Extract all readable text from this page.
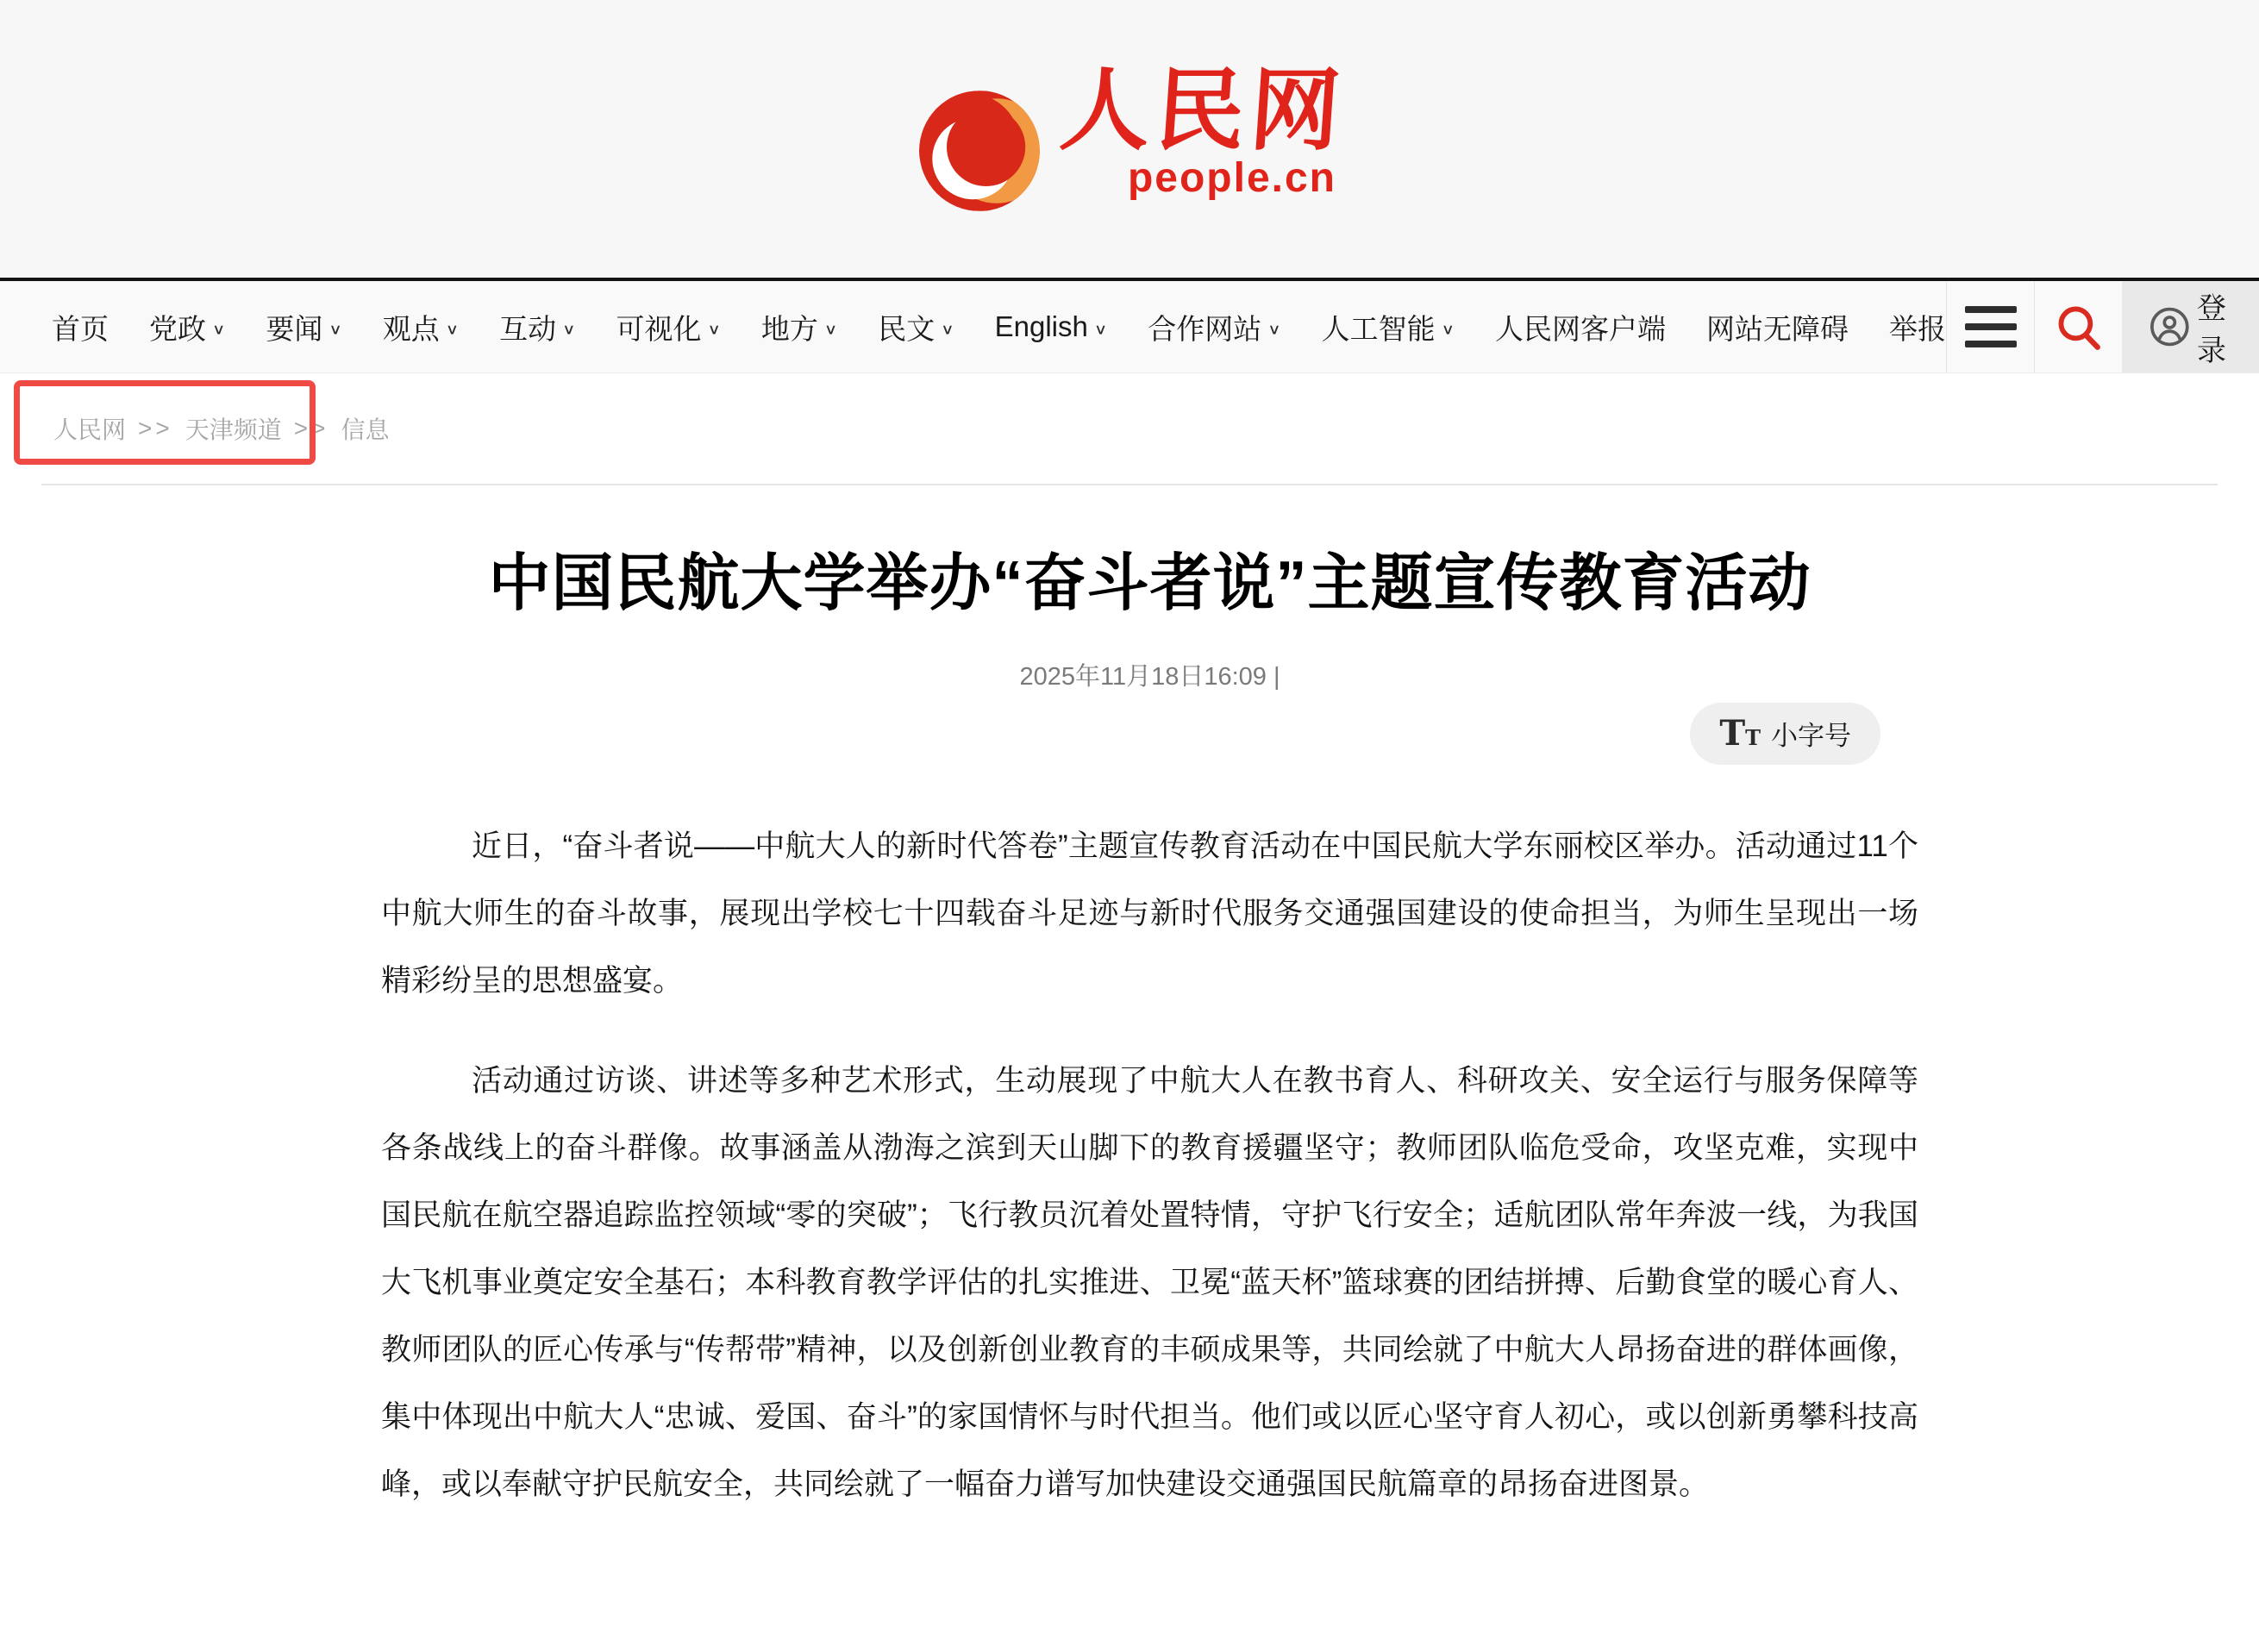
人民网
people.cn
首页 党政 ∨ 要闻 ∨ 观点 ∨ 互动 ∨ 可视化 ∨ 地方 ∨ 民文 ∨ English ∨ 合作网站 ∨ 人工智能 ∨ 人民网客户端 网站无障碍 举报
登录
人民网 >> 天津频道 >> 信息
中国民航大学举办“奋斗者说”主题宣传教育活动
2025年11月18日16:09 |
T T 小字号

近日，“奋斗者说——中航大人的新时代答卷”主题宣传教育活动在中国民航大学东丽校区举办。活动通过11个中航大师生的奋斗故事，展现出学校七十四载奋斗足迹与新时代服务交通强国建设的使命担当，为师生呈现出一场精彩纷呈的思想盛宴。

活动通过访谈、讲述等多种艺术形式，生动展现了中航大人在教书育人、科研攻关、安全运行与服务保障等各条战线上的奋斗群像。故事涵盖从渤海之滨到天山脚下的教育援疆坚守；教师团队临危受命，攻坚克难，实现中国民航在航空器追踪监控领域“零的突破”；飞行教员沉着处置特情，守护飞行安全；适航团队常年奔波一线，为我国大飞机事业奠定安全基石；本科教育教学评估的扎实推进、卫冕“蓝天杯”篮球赛的团结拼搏、后勤食堂的暖心育人、教师团队的匠心传承与“传帮带”精神，以及创新创业教育的丰硕成果等，共同绘就了中航大人昂扬奋进的群体画像，集中体现出中航大人“忠诚、爱国、奋斗”的家国情怀与时代担当。他们或以匠心坚守育人初心，或以创新勇攀科技高峰，或以奉献守护民航安全，共同绘就了一幅奋力谱写加快建设交通强国民航篇章的昂扬奋进图景。
